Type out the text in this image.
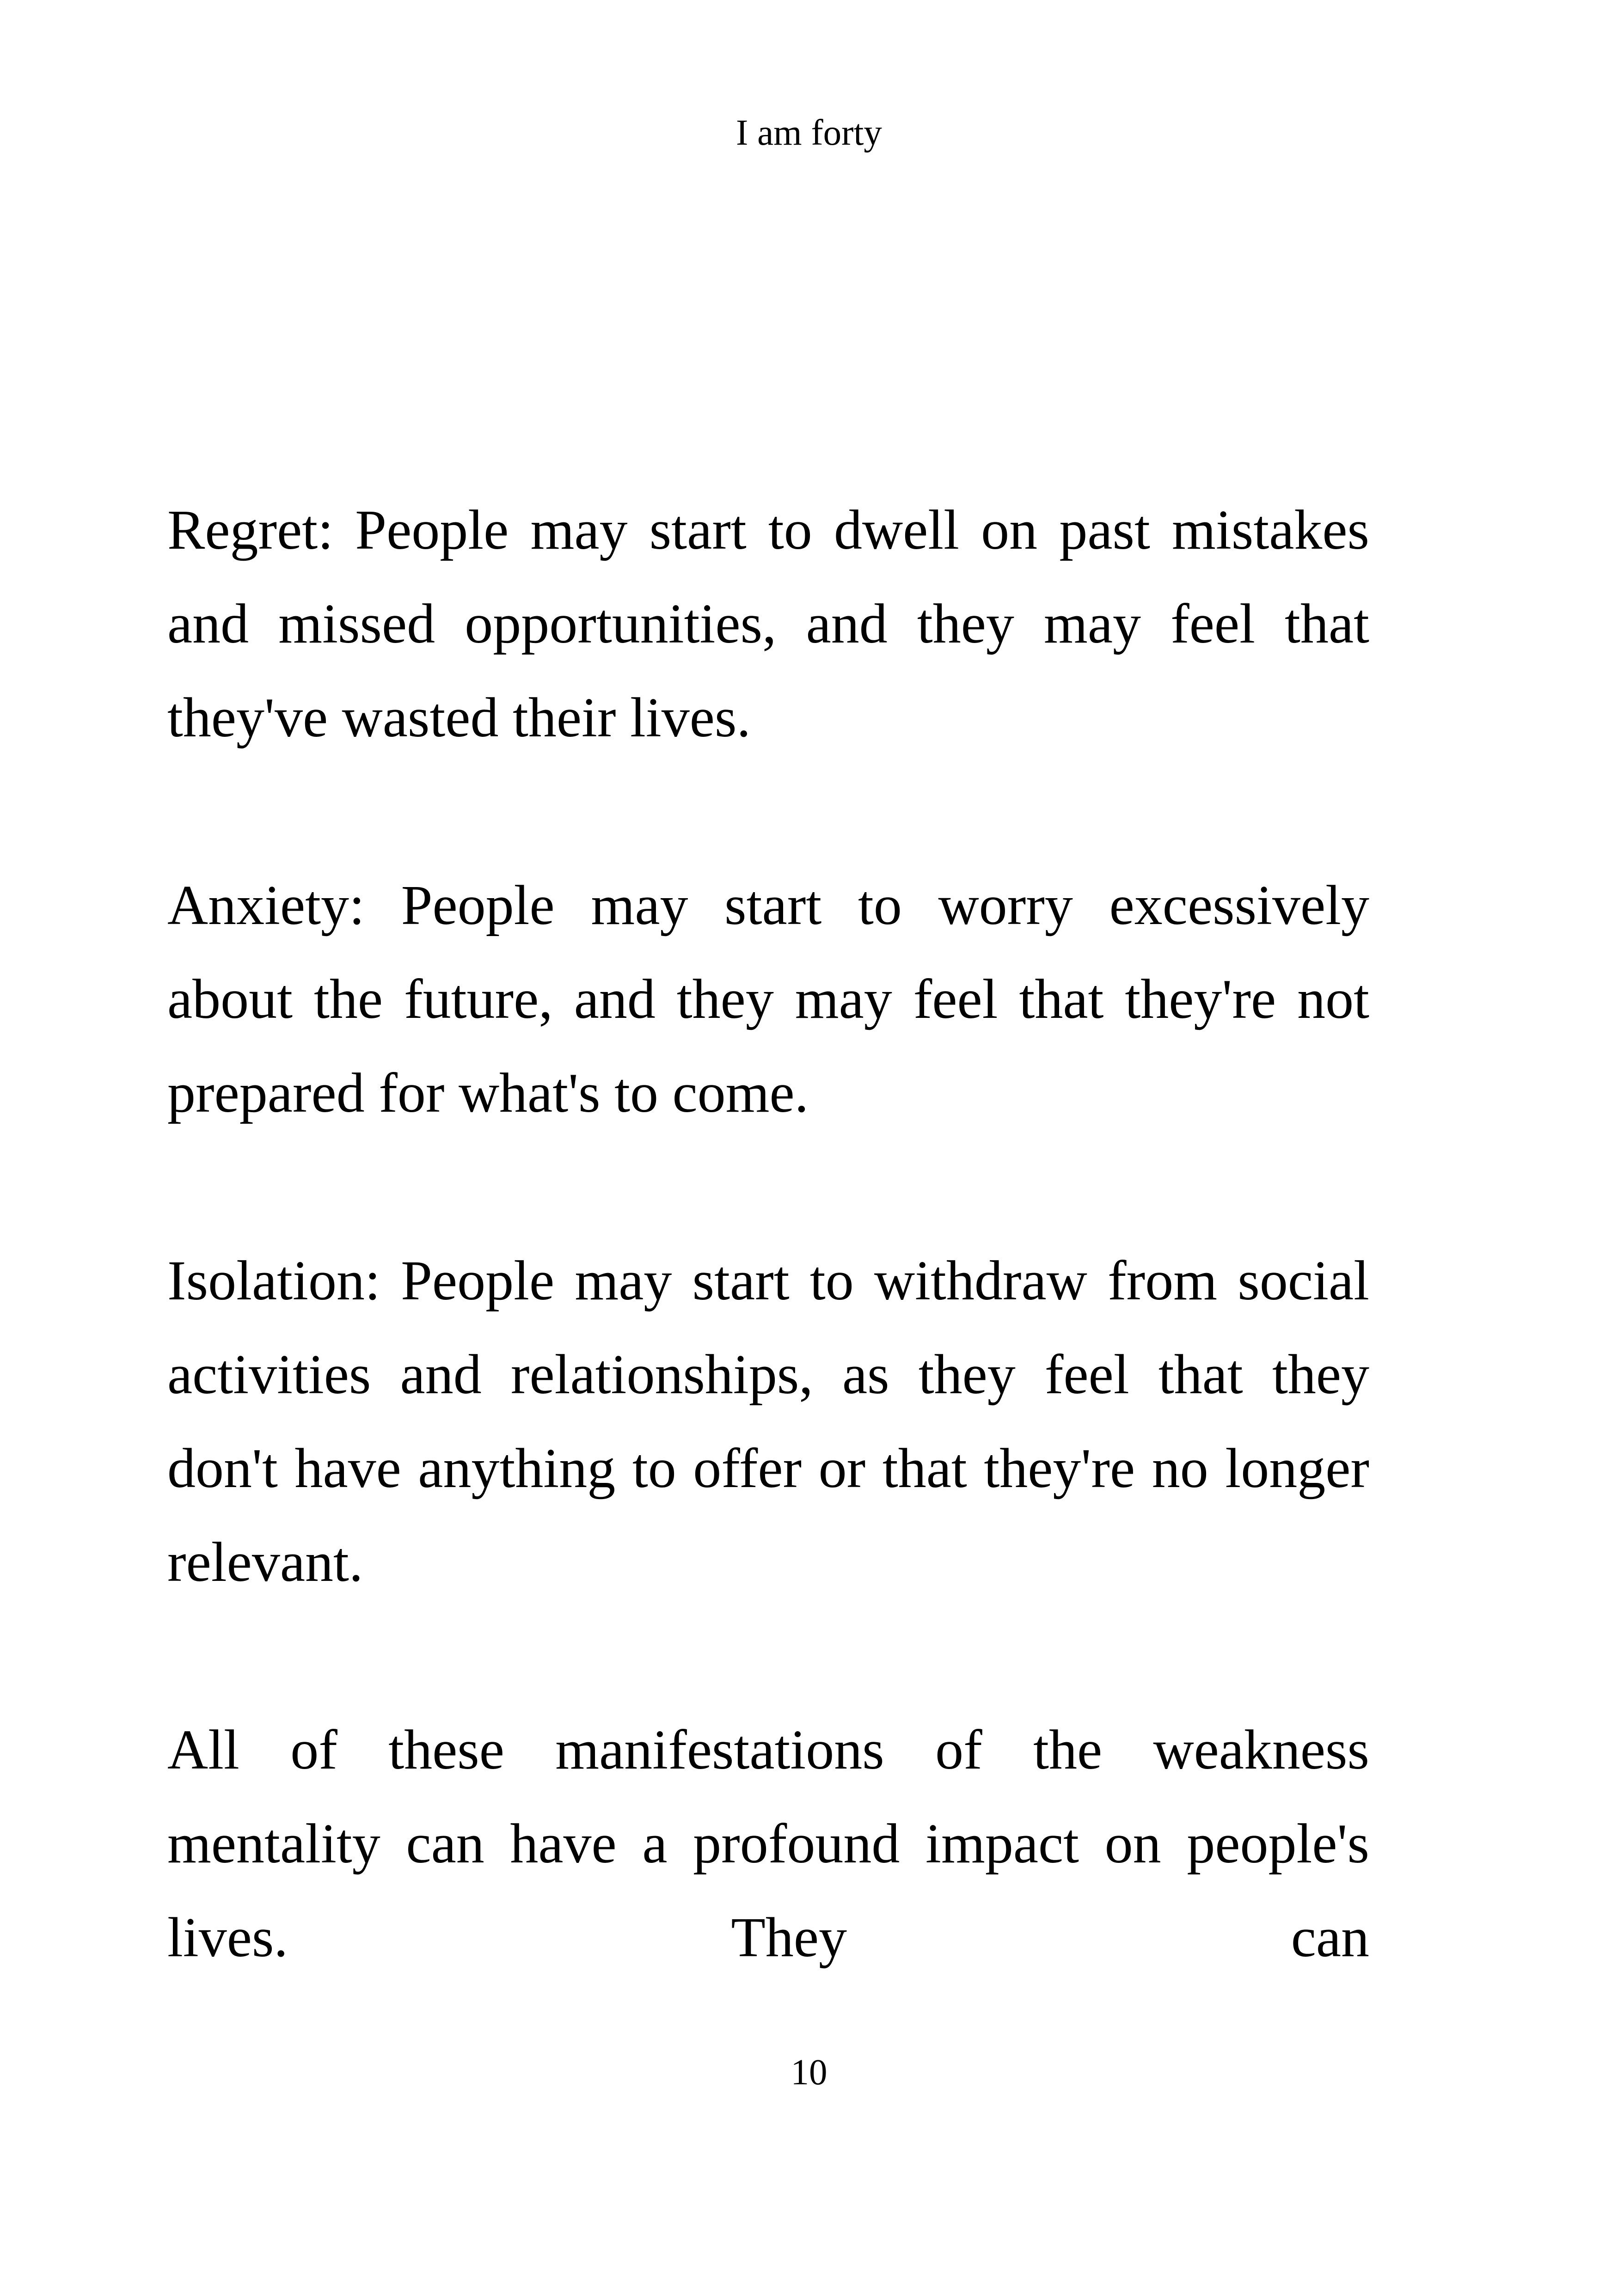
I am forty

Regret: People may start to dwell on past mistakes and missed opportunities, and they may feel that they've wasted their lives.

Anxiety: People may start to worry excessively about the future, and they may feel that they're not prepared for what's to come.

Isolation: People may start to withdraw from social activities and relationships, as they feel that they don't have anything to offer or that they're no longer relevant.

All of these manifestations of the weakness mentality can have a profound impact on people's lives. They can

10
